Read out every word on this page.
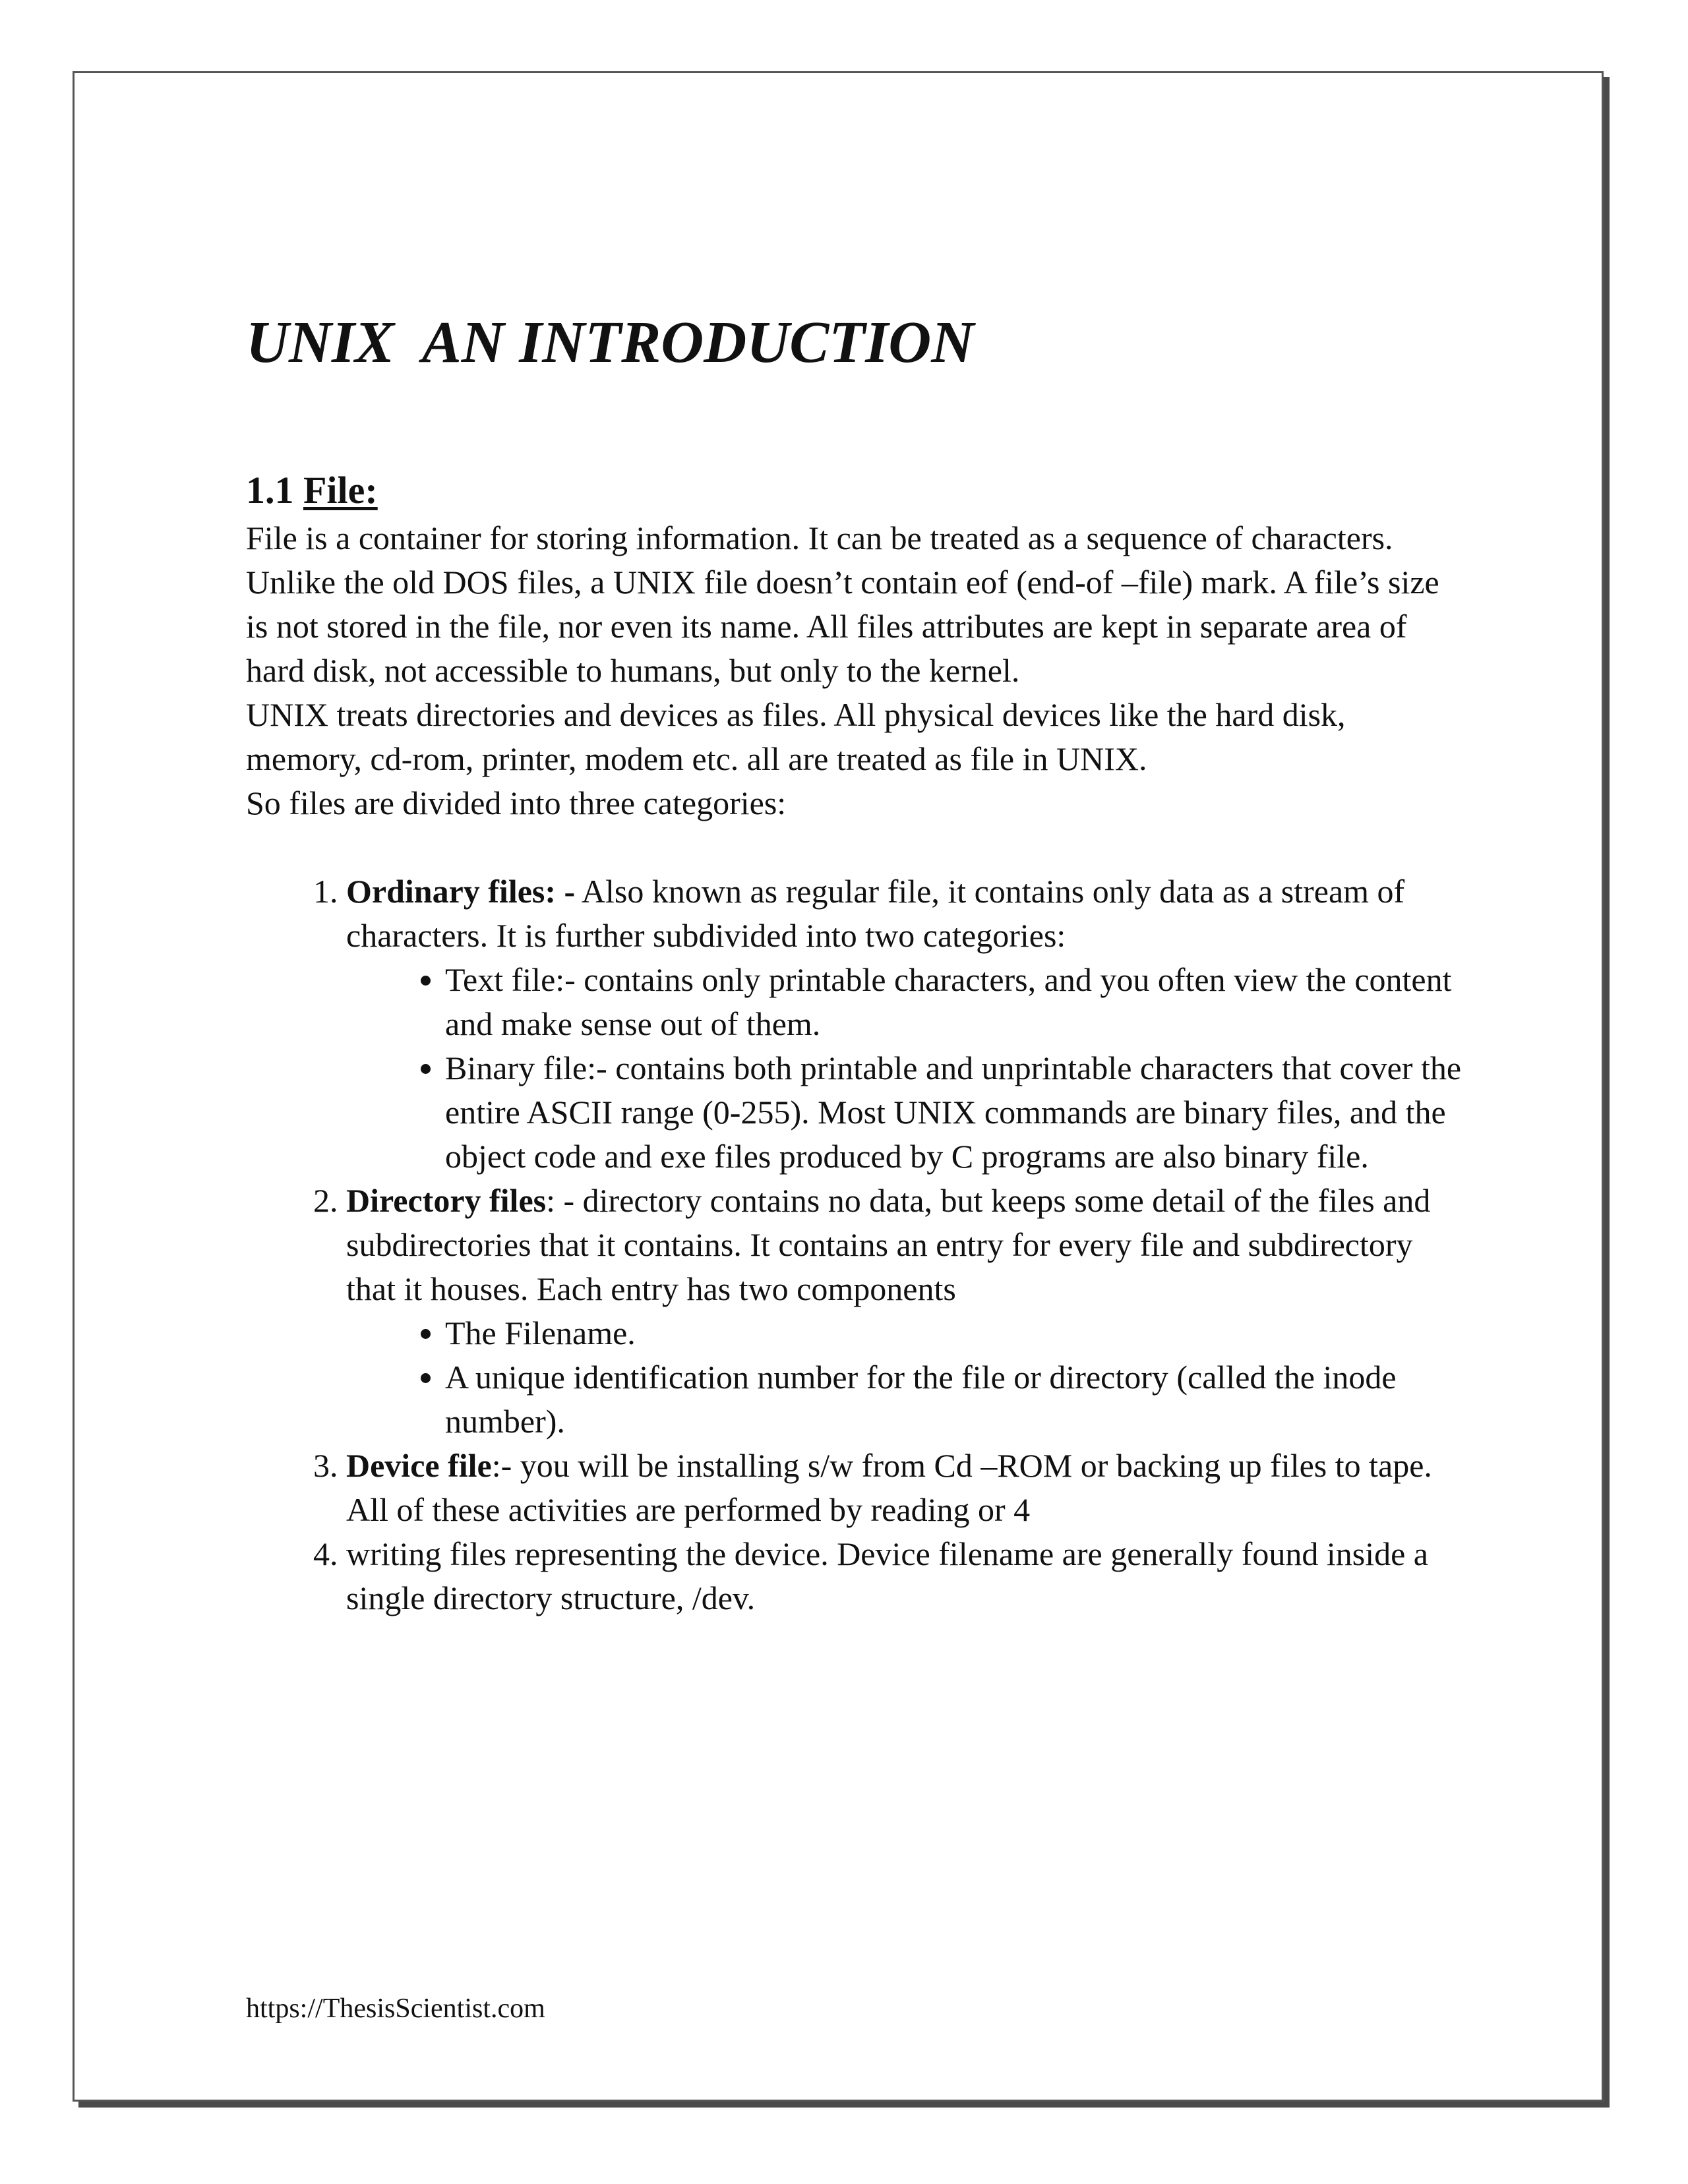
UNIX  AN INTRODUCTION
1.1 File:

File is a container for storing information. It can be treated as a sequence of characters. Unlike the old DOS files, a UNIX file doesn’t contain eof (end-of –file) mark. A file’s size is not stored in the file, nor even its name. All files attributes are kept in separate area of hard disk, not accessible to humans, but only to the kernel.

UNIX treats directories and devices as files. All physical devices like the hard disk, memory, cd-rom, printer, modem etc. all are treated as file in UNIX.

So files are divided into three categories:

1. Ordinary files: - Also known as regular file, it contains only data as a stream of characters. It is further subdivided into two categories:
• Text file:- contains only printable characters, and you often view the content and make sense out of them.
• Binary file:- contains both printable and unprintable characters that cover the entire ASCII range (0-255). Most UNIX commands are binary files, and the object code and exe files produced by C programs are also binary file.
2. Directory files: - directory contains no data, but keeps some detail of the files and subdirectories that it contains. It contains an entry for every file and subdirectory that it houses. Each entry has two components
• The Filename.
• A unique identification number for the file or directory (called the inode number).
3. Device file:- you will be installing s/w from Cd –ROM or backing up files to tape. All of these activities are performed by reading or 4
4. writing files representing the device. Device filename are generally found inside a single directory structure, /dev.
https://ThesisScientist.com
